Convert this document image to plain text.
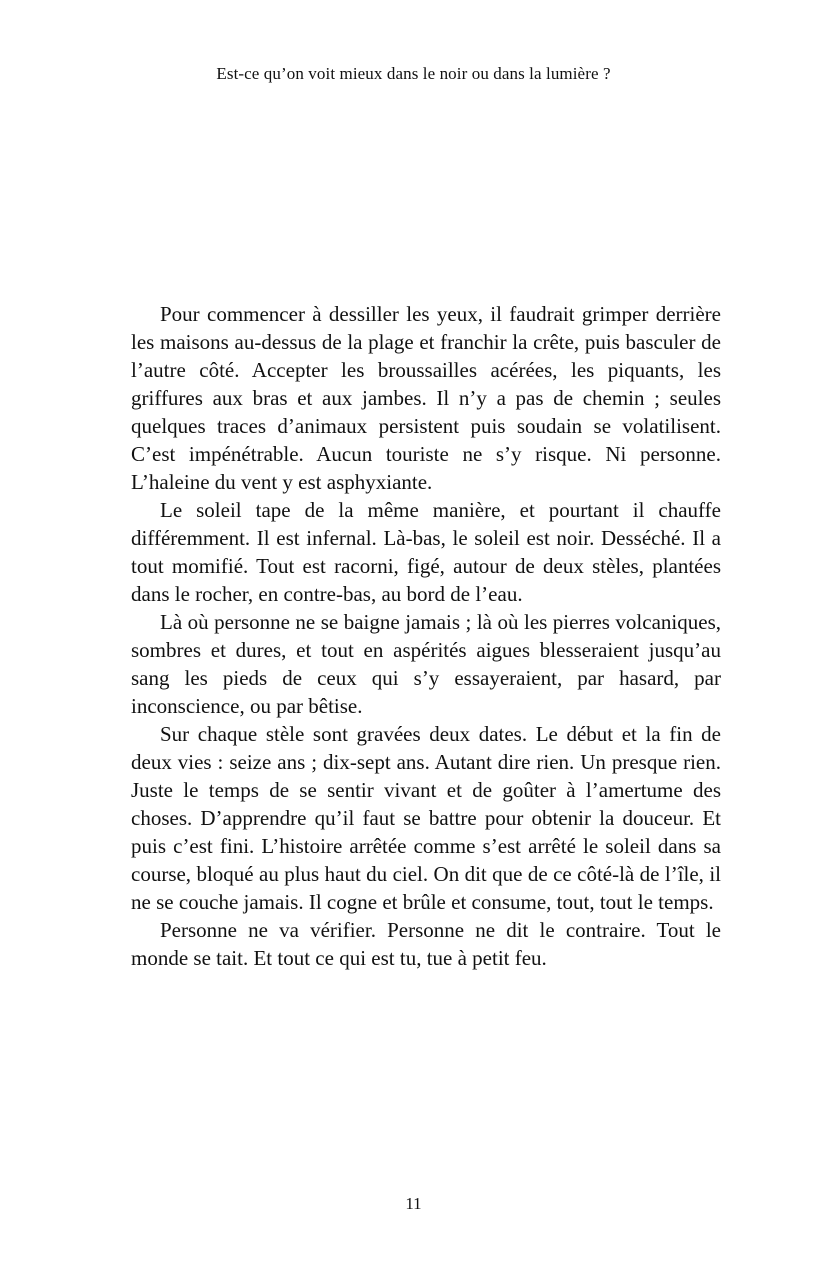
Est-ce qu’on voit mieux dans le noir ou dans la lumière ?

Pour commencer à dessiller les yeux, il faudrait grimper derrière les maisons au-dessus de la plage et franchir la crête, puis basculer de l’autre côté. Accepter les broussailles acérées, les piquants, les griffures aux bras et aux jambes. Il n’y a pas de chemin ; seules quelques traces d’animaux persistent puis soudain se volatilisent. C’est impénétrable. Aucun touriste ne s’y risque. Ni personne. L’haleine du vent y est asphyxiante.

Le soleil tape de la même manière, et pourtant il chauffe différemment. Il est infernal. Là-bas, le soleil est noir. Desséché. Il a tout momifié. Tout est racorni, figé, autour de deux stèles, plantées dans le rocher, en contre-bas, au bord de l’eau.

Là où personne ne se baigne jamais ; là où les pierres volcaniques, sombres et dures, et tout en aspérités aigues blesseraient jusqu’au sang les pieds de ceux qui s’y essayeraient, par hasard, par inconscience, ou par bêtise.

Sur chaque stèle sont gravées deux dates. Le début et la fin de deux vies : seize ans ; dix-sept ans. Autant dire rien. Un presque rien. Juste le temps de se sentir vivant et de goûter à l’amertume des choses. D’apprendre qu’il faut se battre pour obtenir la douceur. Et puis c’est fini. L’histoire arrêtée comme s’est arrêté le soleil dans sa course, bloqué au plus haut du ciel. On dit que de ce côté-là de l’île, il ne se couche jamais. Il cogne et brûle et consume, tout, tout le temps.

Personne ne va vérifier. Personne ne dit le contraire. Tout le monde se tait. Et tout ce qui est tu, tue à petit feu.

11
